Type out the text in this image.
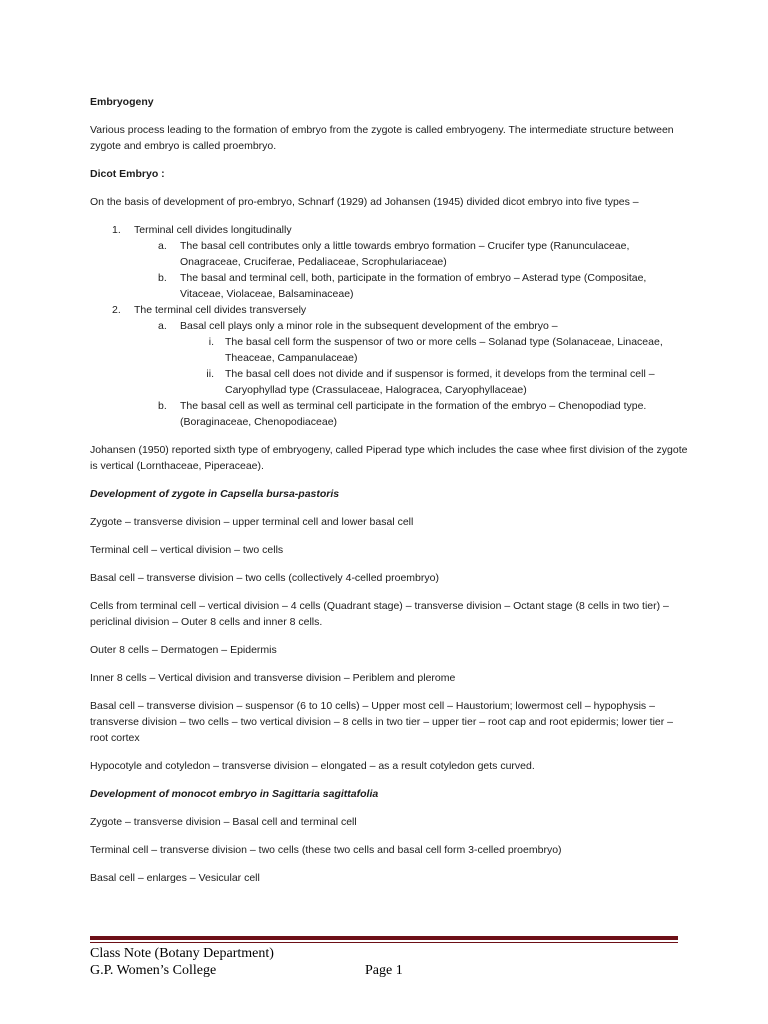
Embryogeny

Various process leading to the formation of embryo from the zygote is called embryogeny. The intermediate structure between zygote and embryo is called proembryo.

Dicot Embryo :

On the basis of development of pro-embryo, Schnarf (1929) ad Johansen (1945) divided dicot embryo into five types –

1. Terminal cell divides longitudinally
a. The basal cell contributes only a little towards embryo formation – Crucifer type (Ranunculaceae, Onagraceae, Cruciferae, Pedaliaceae, Scrophulariaceae)
b. The basal and terminal cell, both, participate in the formation of embryo – Asterad type (Compositae, Vitaceae, Violaceae, Balsaminaceae)
2. The terminal cell divides transversely
a. Basal cell plays only a minor role in the subsequent development of the embryo –
i. The basal cell form the suspensor of two or more cells – Solanad type (Solanaceae, Linaceae, Theaceae, Campanulaceae)
ii. The basal cell does not divide and if suspensor is formed, it develops from the terminal cell – Caryophyllad type (Crassulaceae, Halogracea, Caryophyllaceae)
b. The basal cell as well as terminal cell participate in the formation of the embryo – Chenopodiad type. (Boraginaceae, Chenopodiaceae)

Johansen (1950) reported sixth type of embryogeny, called Piperad type which includes the case whee first division of the zygote is vertical (Lornthaceae, Piperaceae).

Development of zygote in Capsella bursa-pastoris

Zygote – transverse division – upper terminal cell and lower basal cell

Terminal cell – vertical division – two cells

Basal cell – transverse division – two cells (collectively 4-celled proembryo)

Cells from terminal cell – vertical division – 4 cells (Quadrant stage) – transverse division – Octant stage (8 cells in two tier) – periclinal division – Outer 8 cells and inner 8 cells.

Outer 8 cells – Dermatogen – Epidermis

Inner 8 cells – Vertical division and transverse division – Periblem and plerome

Basal cell – transverse division – suspensor (6 to 10 cells) – Upper most cell – Haustorium; lowermost cell – hypophysis – transverse division – two cells – two vertical division – 8 cells in two tier – upper tier – root cap and root epidermis; lower tier – root cortex

Hypocotyle and cotyledon – transverse division – elongated – as a result cotyledon gets curved.

Development of monocot embryo in Sagittaria sagittafolia

Zygote – transverse division – Basal cell and terminal cell

Terminal cell – transverse division – two cells (these two cells and basal cell form 3-celled proembryo)

Basal cell – enlarges – Vesicular cell

Class Note (Botany Department)
G.P. Women’s College	Page 1
